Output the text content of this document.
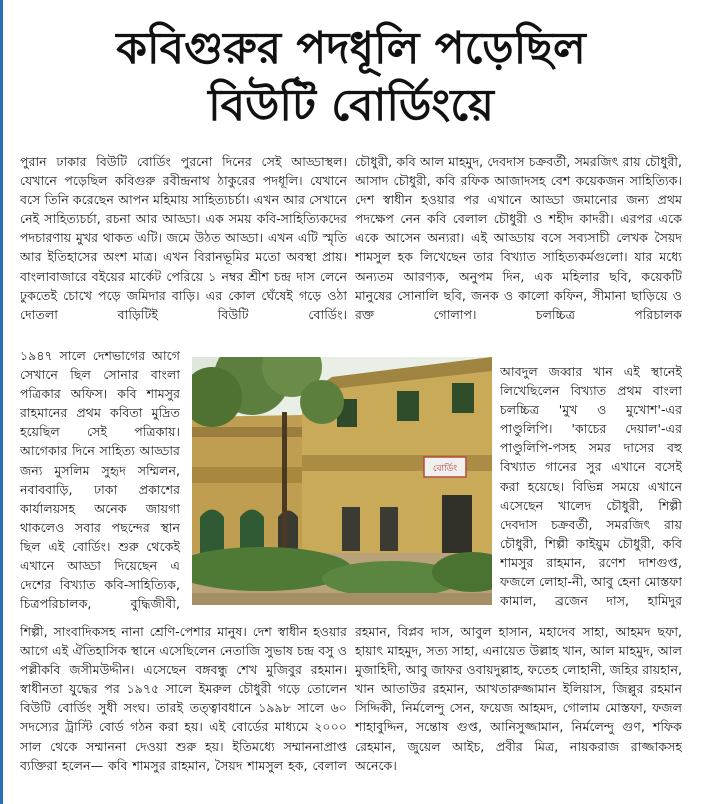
কবিগুরুর পদধূলি পড়েছিল
বিউটি বোর্ডিংয়ে
পুরান ঢাকার বিউটি বোর্ডিং পুরনো দিনের সেই আড্ডাস্থল। যেখানে পড়েছিল কবিগুরু রবীন্দ্রনাথ ঠাকুরের পদধূলি। যেখানে বসে তিনি করেছেন আপন মহিমায় সাহিত্যচর্চা। এখন আর সেখানে নেই সাহিত্যচর্চা, রচনা আর আড্ডা। এক সময় কবি-সাহিত্যিকদের পদচারণায় মুখর থাকত এটি। জমে উঠত আড্ডা। এখন এটি স্মৃতি আর ইতিহাসের অংশ মাত্র। এখন বিরানভূমির মতো অবস্থা প্রায়। বাংলাবাজারে বইয়ের মার্কেট পেরিয়ে ১ নম্বর শ্রীশ চন্দ্র দাস লেনে ঢুকতেই চোখে পড়ে জমিদার বাড়ি। এর কোল ঘেঁষেই গড়ে ওঠা দোতলা বাড়িটিই বিউটি বোর্ডিং।
১৯৪৭ সালে দেশভাগের আগে সেখানে ছিল সোনার বাংলা পত্রিকার অফিস। কবি শামসুর রাহমানের প্রথম কবিতা মুদ্রিত হয়েছিল সেই পত্রিকায়। আগেকার দিনে সাহিত্য আড্ডার জন্য মুসলিম সুহৃদ সম্মিলন, নবাববাড়ি, ঢাকা প্রকাশের কার্যালয়সহ অনেক জায়গা থাকলেও সবার পছন্দের স্থান ছিল এই বোর্ডিং। শুরু থেকেই এখানে আড্ডা দিয়েছেন এ দেশের বিখ্যাত কবি-সাহিত্যিক, চিত্রপরিচালক, বুদ্ধিজীবী,
চৌধুরী, কবি আল মাহমুদ, দেবদাস চক্রবর্তী, সমরজিৎ রায় চৌধুরী, আসাদ চৌধুরী, কবি রফিক আজাদসহ বেশ কয়েকজন সাহিত্যিক। দেশ স্বাধীন হওয়ার পর এখানে আড্ডা জমানোর জন্য প্রথম পদক্ষেপ নেন কবি বেলাল চৌধুরী ও শহীদ কাদরী। এরপর একে একে আসেন অন্যরা। এই আড্ডায় বসে সব্যসাচী লেখক সৈয়দ শামসুল হক লিখেছেন তার বিখ্যাত সাহিত্যকর্মগুলো। যার মধ্যে অন্যতম আরণ্যক, অনুপম দিন, এক মহিলার ছবি, কয়েকটি মানুষের সোনালি ছবি, জনক ও কালো কফিন, সীমানা ছাড়িয়ে ও রক্ত গোলাপ। চলচ্চিত্র পরিচালক
আবদুল জব্বার খান এই স্থানেই লিখেছিলেন বিখ্যাত প্রথম বাংলা চলচ্চিত্র 'মুখ ও মুখোশ'-এর পাণ্ডুলিপি। 'কাচের দেয়াল'-এর পাণ্ডুলিপি-পসহ সমর দাসের বহু বিখ্যাত গানের সুর এখানে বসেই করা হয়েছে। বিভিন্ন সময়ে এখানে এসেছেন খালেদ চৌধুরী, শিল্পী দেবদাস চক্রবর্তী, সমরজিৎ রায় চৌধুরী, শিল্পী কাইয়ুম চৌধুরী, কবি শামসুর রাহমান, রণেশ দাশগুপ্ত, ফজলে লোহা-নী, আবু হেনা মোস্তফা কামাল, ব্রজেন দাস, হামিদুর
শিল্পী, সাংবাদিকসহ নানা শ্রেণি-পেশার মানুষ। দেশ স্বাধীন হওয়ার আগে এই ঐতিহাসিক স্থানে এসেছিলেন নেতাজি সুভাষ চন্দ্র বসু ও পল্লীকবি জসীমউদ্দীন। এসেছেন বঙ্গবন্ধু শেখ মুজিবুর রহমান। স্বাধীনতা যুদ্ধের পর ১৯৭৫ সালে ইমরুল চৌধুরী গড়ে তোলেন বিউটি বোর্ডিং সুধী সংঘ। তারই তত্ত্বাবধানে ১৯৯৮ সালে ৬০ সদস্যের ট্রাস্টি বোর্ড গঠন করা হয়। এই বোর্ডের মাধ্যমে ২০০০ সাল থেকে সম্মাননা দেওয়া শুরু হয়। ইতিমধ্যে সম্মাননাপ্রাপ্ত ব্যক্তিরা হলেন— কবি শামসুর রাহমান, সৈয়দ শামসুল হক, বেলাল
রহমান, বিপ্লব দাস, আবুল হাসান, মহাদেব সাহা, আহমদ ছফা, হায়াৎ মাহমুদ, সত্য সাহা, এনায়েত উল্লাহ খান, আল মাহমুদ, আল মুজাহিদী, আবু জাফর ওবায়দুল্লাহ, ফতেহ লোহানী, জহির রায়হান, খান আতাউর রহমান, আখতারুজ্জামান ইলিয়াস, জিল্লুর রহমান সিদ্দিকী, নির্মলেন্দু সেন, ফয়েজ আহমদ, গোলাম মোস্তফা, ফজল শাহাবুদ্দিন, সন্তোষ গুপ্ত, আনিসুজ্জামান, নির্মলেন্দু গুণ, শফিক রেহমান, জুয়েল আইচ, প্রবীর মিত্র, নায়করাজ রাজ্জাকসহ অনেকে।
বোর্ডিং
